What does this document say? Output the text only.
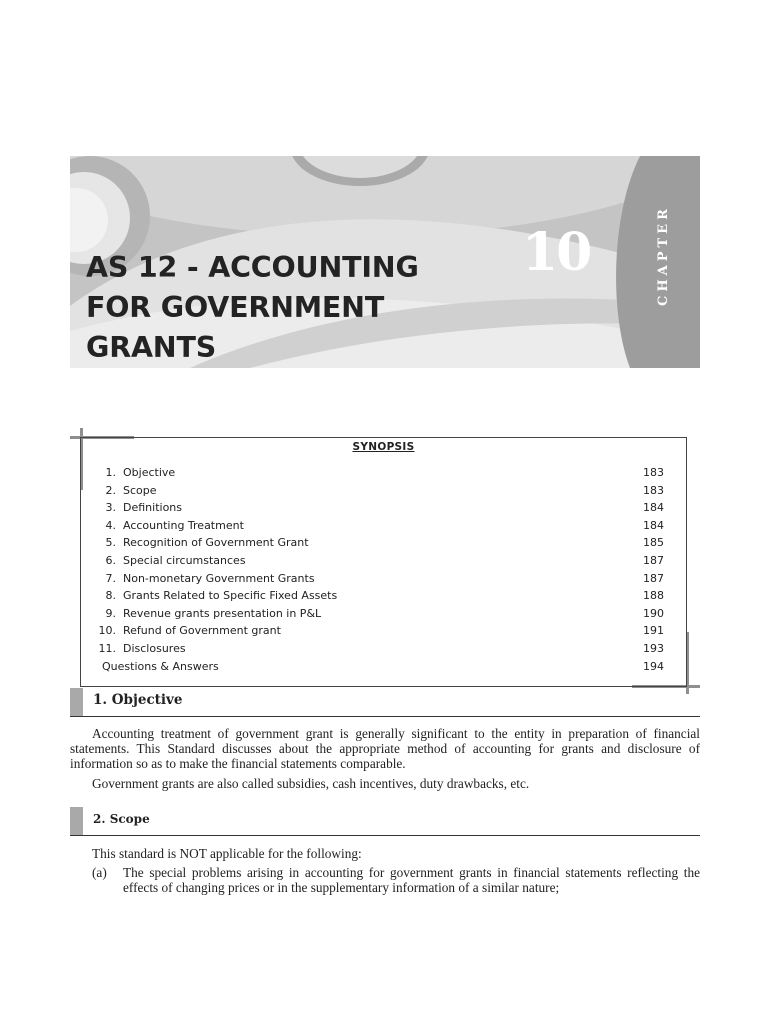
AS 12 - ACCOUNTING
FOR GOVERNMENT
GRANTS
10	CHAPTER
SYNOPSIS
1. Objective	183
2. Scope	183
3. Definitions	184
4. Accounting Treatment	184
5. Recognition of Government Grant	185
6. Special circumstances	187
7. Non-monetary Government Grants	187
8. Grants Related to Specific Fixed Assets	188
9. Revenue grants presentation in P&L	190
10. Refund of Government grant	191
11. Disclosures	193
Questions & Answers	194
1. Objective

Accounting treatment of government grant is generally significant to the entity in preparation of financial statements. This Standard discusses about the appropriate method of accounting for grants and disclosure of information so as to make the financial statements comparable.

Government grants are also called subsidies, cash incentives, duty drawbacks, etc.

2. Scope

This standard is NOT applicable for the following:

(a) The special problems arising in accounting for government grants in financial statements reflecting the effects of changing prices or in the supplementary information of a similar nature;
